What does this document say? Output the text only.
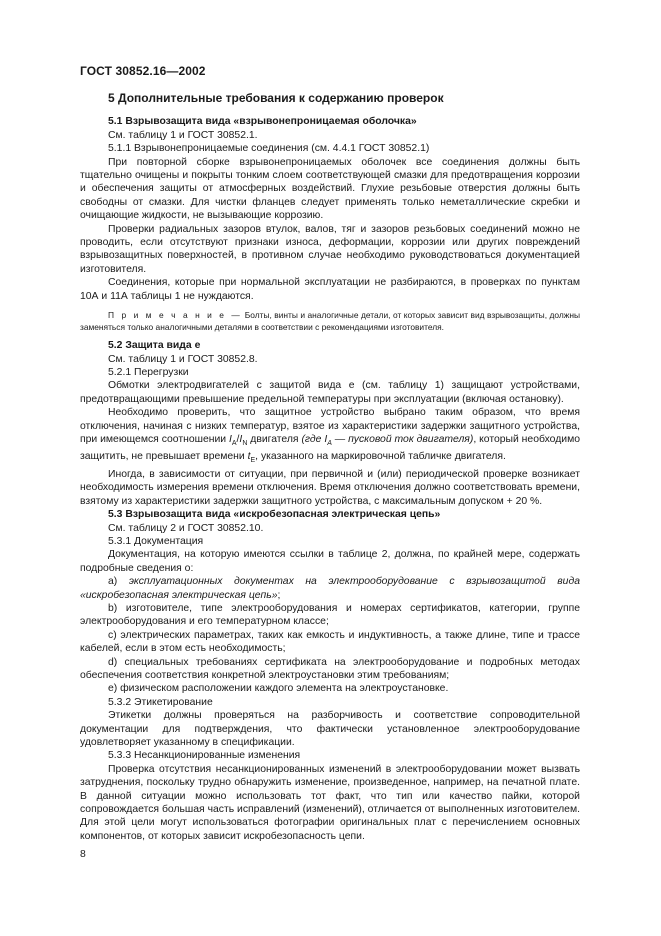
ГОСТ 30852.16—2002

5 Дополнительные требования к содержанию проверок

5.1 Взрывозащита вида «взрывонепроницаемая оболочка»

См. таблицу 1 и ГОСТ 30852.1.

5.1.1 Взрывонепроницаемые соединения (см. 4.4.1 ГОСТ 30852.1)

При повторной сборке взрывонепроницаемых оболочек все соединения должны быть тщательно очищены и покрыты тонким слоем соответствующей смазки для предотвращения коррозии и обеспечения защиты от атмосферных воздействий. Глухие резьбовые отверстия должны быть свободны от смазки. Для чистки фланцев следует применять только неметаллические скребки и очищающие жидкости, не вызывающие коррозию.

Проверки радиальных зазоров втулок, валов, тяг и зазоров резьбовых соединений можно не проводить, если отсутствуют признаки износа, деформации, коррозии или других повреждений взрывозащитных поверхностей, в противном случае необходимо руководствоваться документацией изготовителя.

Соединения, которые при нормальной эксплуатации не разбираются, в проверках по пунктам 10А и 11А таблицы 1 не нуждаются.

П р и м е ч а н и е — Болты, винты и аналогичные детали, от которых зависит вид взрывозащиты, должны заменяться только аналогичными деталями в соответствии с рекомендациями изготовителя.

5.2 Защита вида e

См. таблицу 1 и ГОСТ 30852.8.

5.2.1 Перегрузки

Обмотки электродвигателей с защитой вида e (см. таблицу 1) защищают устройствами, предотвращающими превышение предельной температуры при эксплуатации (включая остановку).

Необходимо проверить, что защитное устройство выбрано таким образом, что время отключения, начиная с низких температур, взятое из характеристики задержки защитного устройства, при имеющемся соотношении $I_A/I_N$ двигателя (где $I_A$ — пусковой ток двигателя), который необходимо защитить, не превышает времени $t_E$, указанного на маркировочной табличке двигателя.

Иногда, в зависимости от ситуации, при первичной и (или) периодической проверке возникает необходимость измерения времени отключения. Время отключения должно соответствовать времени, взятому из характеристики задержки защитного устройства, с максимальным допуском + 20 %.

5.3 Взрывозащита вида «искробезопасная электрическая цепь»

См. таблицу 2 и ГОСТ 30852.10.

5.3.1 Документация

Документация, на которую имеются ссылки в таблице 2, должна, по крайней мере, содержать подробные сведения о:

a) эксплуатационных документах на электрооборудование с взрывозащитой вида «искробезопасная электрическая цепь»;

b) изготовителе, типе электрооборудования и номерах сертификатов, категории, группе электрооборудования и его температурном классе;

c) электрических параметрах, таких как емкость и индуктивность, а также длине, типе и трассе кабелей, если в этом есть необходимость;

d) специальных требованиях сертификата на электрооборудование и подробных методах обеспечения соответствия конкретной электроустановки этим требованиям;

e) физическом расположении каждого элемента на электроустановке.

5.3.2 Этикетирование

Этикетки должны проверяться на разборчивость и соответствие сопроводительной документации для подтверждения, что фактически установленное электрооборудование удовлетворяет указанному в спецификации.

5.3.3 Несанкционированные изменения

Проверка отсутствия несанкционированных изменений в электрооборудовании может вызвать затруднения, поскольку трудно обнаружить изменение, произведенное, например, на печатной плате. В данной ситуации можно использовать тот факт, что тип или качество пайки, которой сопровождается большая часть исправлений (изменений), отличается от выполненных изготовителем. Для этой цели могут использоваться фотографии оригинальных плат с перечислением основных компонентов, от которых зависит искробезопасность цепи.

8
